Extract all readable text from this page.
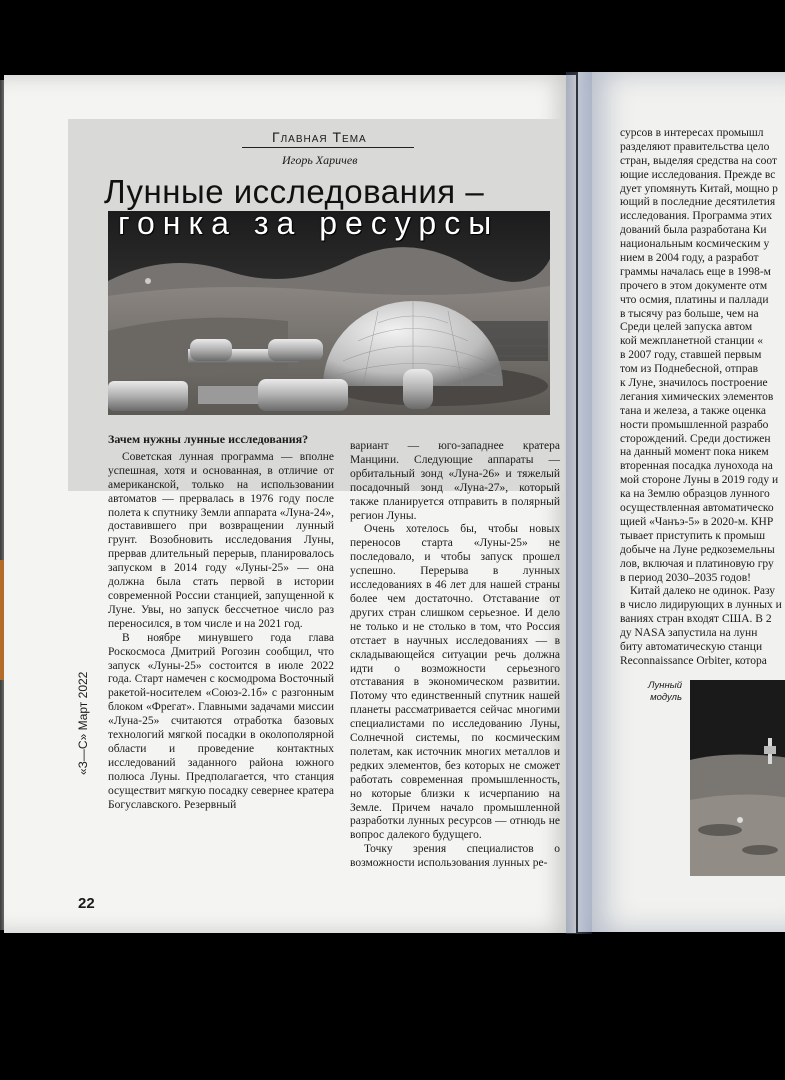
Главная Тема
Игорь Харичев
Лунные исследования –
гонка за ресурсы
Зачем нужны лунные исследования?

Советская лунная программа — вполне успешная, хотя и основанная, в отличие от американской, только на использовании автоматов — прервалась в 1976 году после полета к спутнику Земли аппарата «Луна-24», доставившего при возвращении лунный грунт. Возобновить исследования Луны, прервав длительный перерыв, планировалось запуском в 2014 году «Луны-25» — она должна была стать первой в истории современной России станцией, запущенной к Луне. Увы, но запуск бессчетное число раз переносился, в том числе и на 2021 год.

В ноябре минувшего года глава Роскосмоса Дмитрий Рогозин сообщил, что запуск «Луны-25» состоится в июле 2022 года. Старт намечен с космодрома Восточный ракетой-носителем «Союз-2.1б» с разгонным блоком «Фрегат». Главными задачами миссии «Луна-25» считаются отработка базовых технологий мягкой посадки в околополярной области и проведение контактных исследований заданного района южного полюса Луны. Предполагается, что станция осуществит мягкую посадку севернее кратера Богуславского. Резервный

вариант — юго-западнее кратера Манцини. Следующие аппараты — орбитальный зонд «Луна-26» и тяжелый посадочный зонд «Луна-27», который также планируется отправить в полярный регион Луны.

Очень хотелось бы, чтобы новых переносов старта «Луны-25» не последовало, и чтобы запуск прошел успешно. Перерыва в лунных исследованиях в 46 лет для нашей страны более чем достаточно. Отставание от других стран слишком серьезное. И дело не только и не столько в том, что Россия отстает в научных исследованиях — в складывающейся ситуации речь должна идти о возможности серьезного отставания в экономическом развитии. Потому что единственный спутник нашей планеты рассматривается сейчас многими специалистами по исследованию Луны, Солнечной системы, по космическим полетам, как источник многих металлов и редких элементов, без которых не сможет работать современная промышленность, но которые близки к исчерпанию на Земле. Причем начало промышленной разработки лунных ресурсов — отнюдь не вопрос далекого будущего.

Точку зрения специалистов о возможности использования лунных ре-

«З—С» Март 2022
22
сурсов в интересах промышл
разделяют правительства цело
стран, выделяя средства на соот
ющие исследования. Прежде вс
дует упомянуть Китай, мощно р
ющий в последние десятилетия
исследования. Программа этих
дований была разработана Ки
национальным космическим у
нием в 2004 году, а разработ
граммы началась еще в 1998-м
прочего в этом документе отм
что осмия, платины и паллади
в тысячу раз больше, чем на
Среди целей запуска автом
кой межпланетной станции «
в 2007 году, ставшей первым
том из Поднебесной, отправ
к Луне, значилось построение
легания химических элементов
тана и железа, а также оценка
ности промышленной разрабо
сторождений. Среди достижен
на данный момент пока никем
вторенная посадка лунохода на
мой стороне Луны в 2019 году и
ка на Землю образцов лунного
осуществленная автоматическо
щией «Чанъэ-5» в 2020-м. КНР
тывает приступить к промыш
добыче на Луне редкоземельны
лов, включая и платиновую гру
в период 2030–2035 годов!
Китай далеко не одинок. Разу
в число лидирующих в лунных и
ваниях стран входят США. В 2
ду NASA запустила на лунн
биту автоматическую станци
Reconnaissance Orbiter, котора
Лунный модуль
